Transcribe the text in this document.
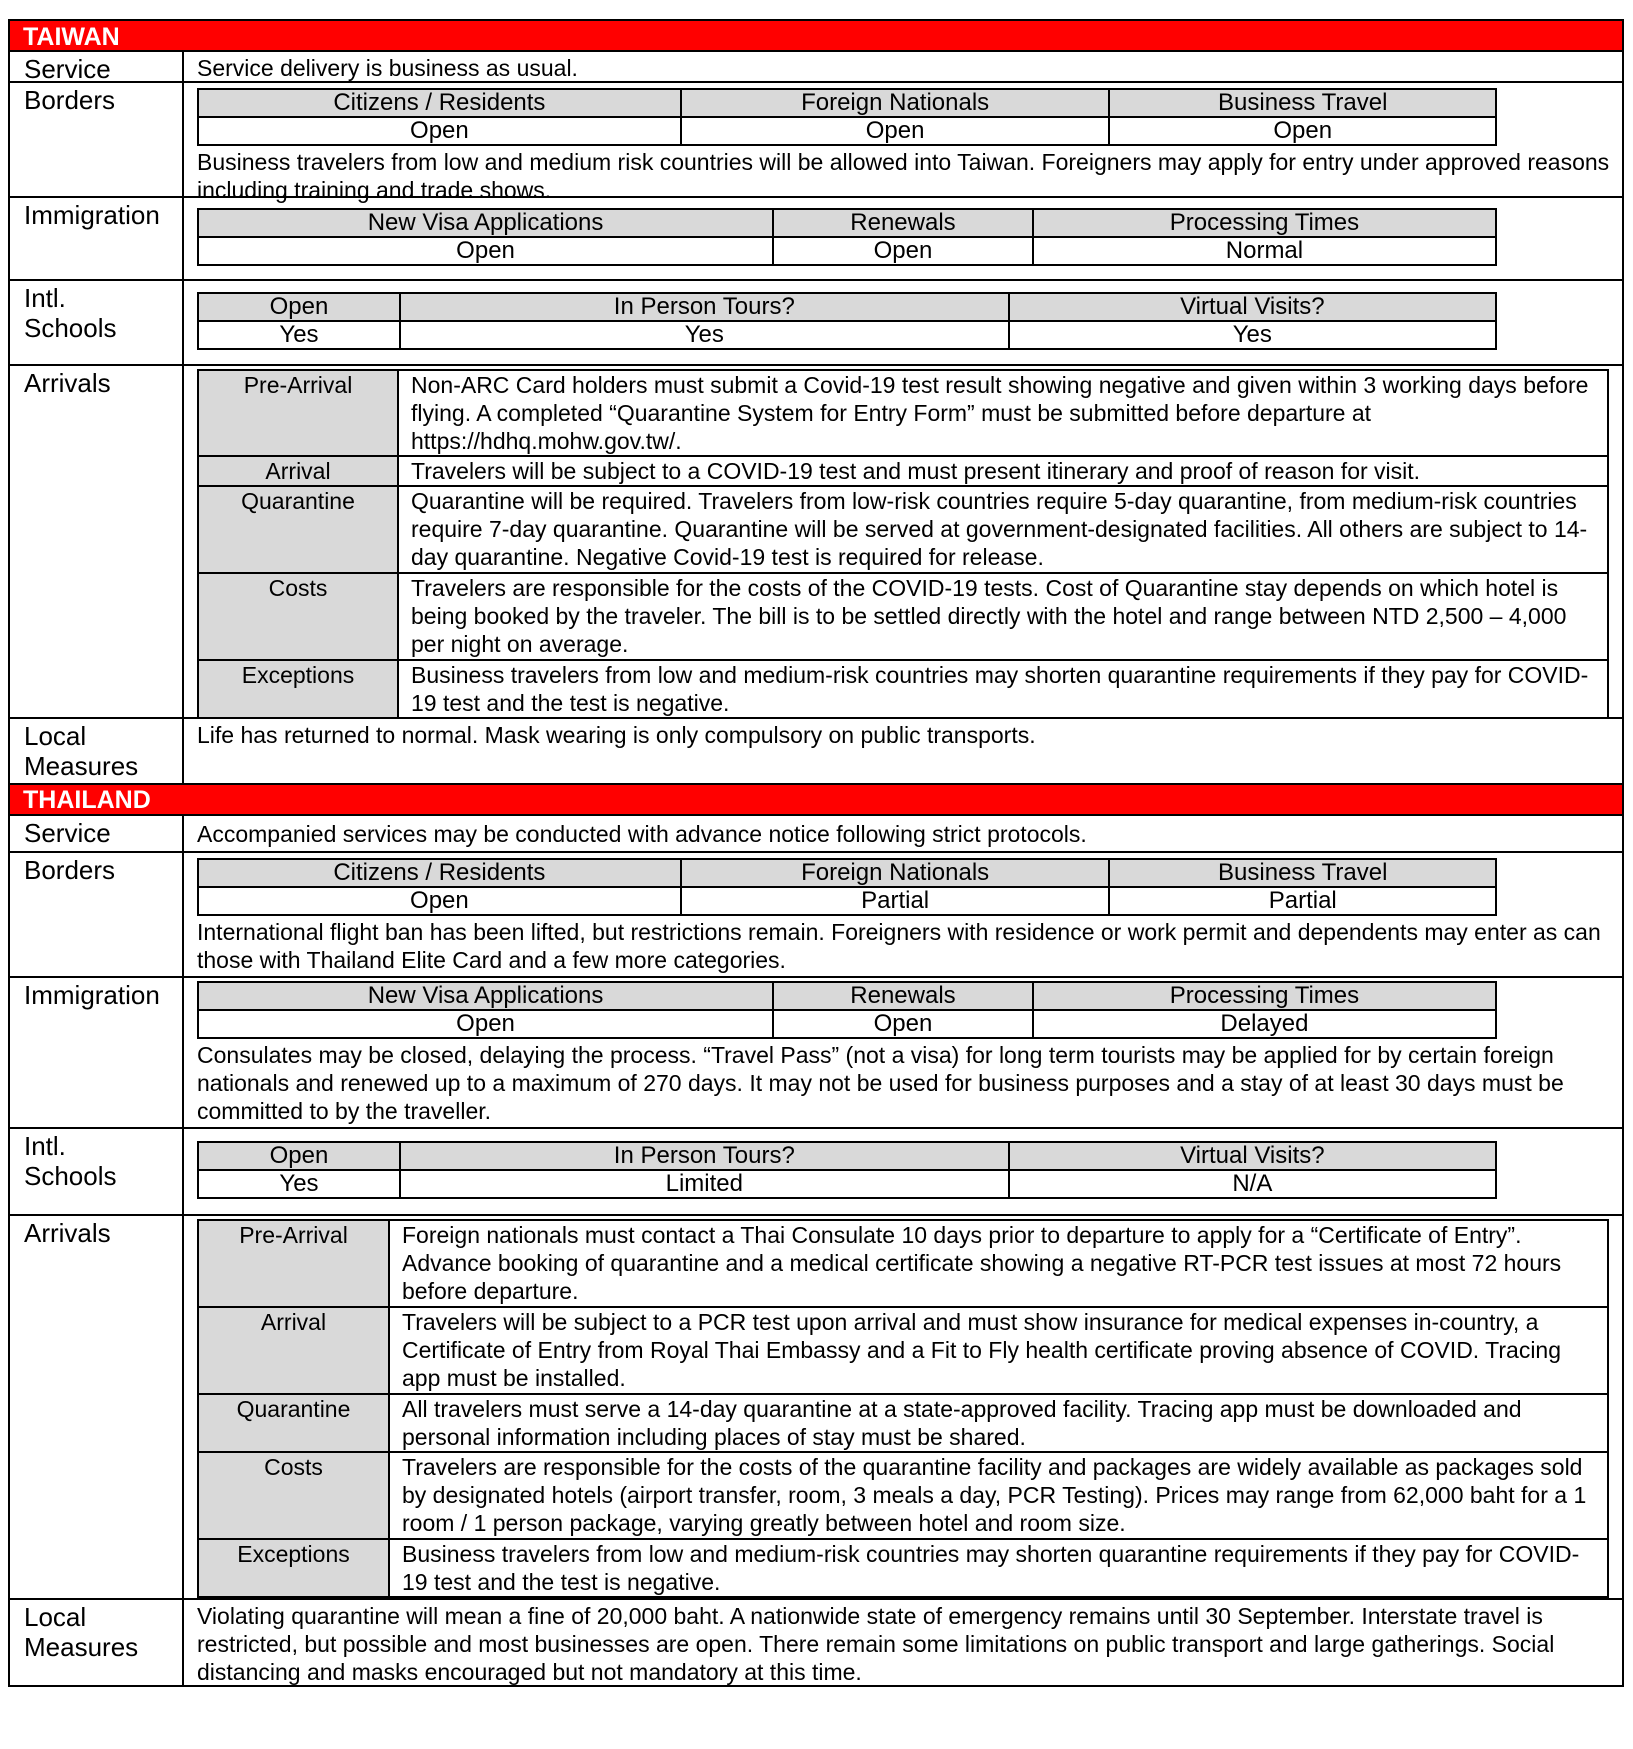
TAIWAN
Service	Service delivery is business as usual.

Borders	Citizens / Residents	Foreign Nationals	Business Travel
Open	Open	Open

Business travelers from low and medium risk countries will be allowed into Taiwan. Foreigners may apply for entry under approved reasons including training and trade shows.

Immigration	New Visa Applications	Renewals	Processing Times
Open	Open	Normal
Intl.
Schools
Open	In Person Tours?	Virtual Visits?
Yes	Yes	Yes
Arrivals	Pre-Arrival	Non-ARC Card holders must submit a Covid-19 test result showing negative and given within 3 working days before flying. A completed “Quarantine System for Entry Form” must be submitted before departure at https://hdhq.mohw.gov.tw/.
Arrival	Travelers will be subject to a COVID-19 test and must present itinerary and proof of reason for visit.
Quarantine	Quarantine will be required. Travelers from low-risk countries require 5-day quarantine, from medium-risk countries require 7-day quarantine. Quarantine will be served at government-designated facilities. All others are subject to 14-day quarantine. Negative Covid-19 test is required for release.
Costs	Travelers are responsible for the costs of the COVID-19 tests. Cost of Quarantine stay depends on which hotel is being booked by the traveler. The bill is to be settled directly with the hotel and range between NTD 2,500 – 4,000 per night on average.
Exceptions	Business travelers from low and medium-risk countries may shorten quarantine requirements if they pay for COVID-19 test and the test is negative.
Local
Measures

Life has returned to normal. Mask wearing is only compulsory on public transports.

THAILAND
Service	Accompanied services may be conducted with advance notice following strict protocols.

Borders	Citizens / Residents	Foreign Nationals	Business Travel
Open	Partial	Partial

International flight ban has been lifted, but restrictions remain. Foreigners with residence or work permit and dependents may enter as can those with Thailand Elite Card and a few more categories.

Immigration	New Visa Applications	Renewals	Processing Times
Open	Open	Delayed

Consulates may be closed, delaying the process. “Travel Pass” (not a visa) for long term tourists may be applied for by certain foreign nationals and renewed up to a maximum of 270 days. It may not be used for business purposes and a stay of at least 30 days must be committed to by the traveller.

Intl.
Schools
Open	In Person Tours?	Virtual Visits?
Yes	Limited	N/A
Arrivals	Pre-Arrival	Foreign nationals must contact a Thai Consulate 10 days prior to departure to apply for a “Certificate of Entry”. Advance booking of quarantine and a medical certificate showing a negative RT-PCR test issues at most 72 hours before departure.
Arrival	Travelers will be subject to a PCR test upon arrival and must show insurance for medical expenses in-country, a Certificate of Entry from Royal Thai Embassy and a Fit to Fly health certificate proving absence of COVID. Tracing app must be installed.
Quarantine	All travelers must serve a 14-day quarantine at a state-approved facility. Tracing app must be downloaded and personal information including places of stay must be shared.
Costs	Travelers are responsible for the costs of the quarantine facility and packages are widely available as packages sold by designated hotels (airport transfer, room, 3 meals a day, PCR Testing). Prices may range from 62,000 baht for a 1 room / 1 person package, varying greatly between hotel and room size.
Exceptions	Business travelers from low and medium-risk countries may shorten quarantine requirements if they pay for COVID-19 test and the test is negative.
Local
Measures

Violating quarantine will mean a fine of 20,000 baht. A nationwide state of emergency remains until 30 September. Interstate travel is restricted, but possible and most businesses are open. There remain some limitations on public transport and large gatherings. Social distancing and masks encouraged but not mandatory at this time.
